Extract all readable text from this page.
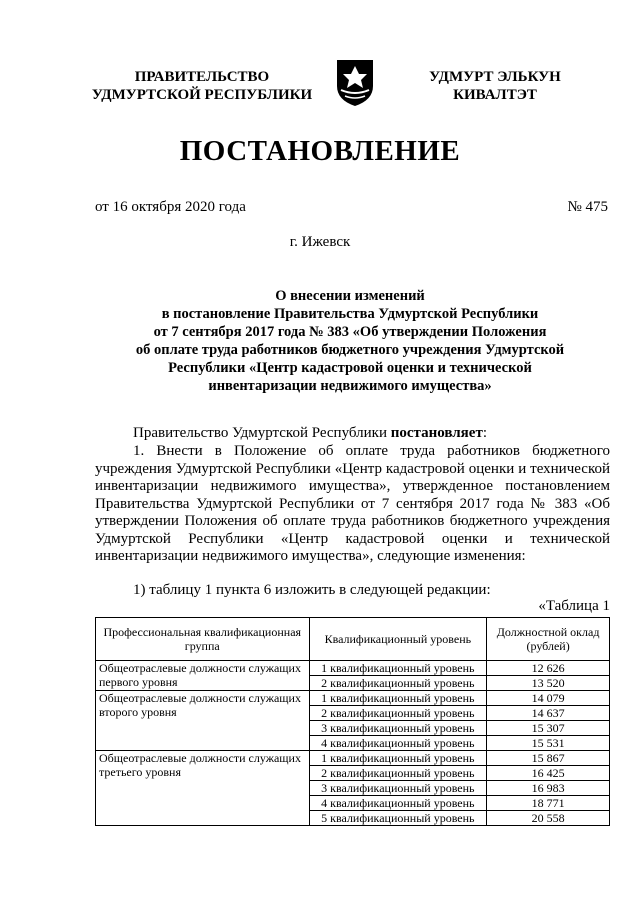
ПРАВИТЕЛЬСТВО
УДМУРТСКОЙ РЕСПУБЛИКИ
УДМУРТ ЭЛЬКУН
КИВАЛТЭТ
ПОСТАНОВЛЕНИЕ
от 16 октября 2020 года	№ 475
г. Ижевск
О внесении изменений
в постановление Правительства Удмуртской Республики
от 7 сентября 2017 года № 383 «Об утверждении Положения
об оплате труда работников бюджетного учреждения Удмуртской
Республики «Центр кадастровой оценки и технической
инвентаризации недвижимого имущества»
Правительство Удмуртской Республики постановляет:
1. Внести в Положение об оплате труда работников бюджетного учреждения Удмуртской Республики «Центр кадастровой оценки и технической инвентаризации недвижимого имущества», утвержденное постановлением Правительства Удмуртской Республики от 7 сентября 2017 года № 383 «Об утверждении Положения об оплате труда работников бюджетного учреждения Удмуртской Республики «Центр кадастровой оценки и технической инвентаризации недвижимого имущества», следующие изменения:
1) таблицу 1 пункта 6 изложить в следующей редакции:
«Таблица 1
Профессиональная квалификационная группа	Квалификационный уровень	Должностной оклад (рублей)
Общеотраслевые должности служащих первого уровня	1 квалификационный уровень	12 626
	2 квалификационный уровень	13 520
Общеотраслевые должности служащих второго уровня	1 квалификационный уровень	14 079
	2 квалификационный уровень	14 637
	3 квалификационный уровень	15 307
	4 квалификационный уровень	15 531
Общеотраслевые должности служащих третьего уровня	1 квалификационный уровень	15 867
	2 квалификационный уровень	16 425
	3 квалификационный уровень	16 983
	4 квалификационный уровень	18 771
	5 квалификационный уровень	20 558
